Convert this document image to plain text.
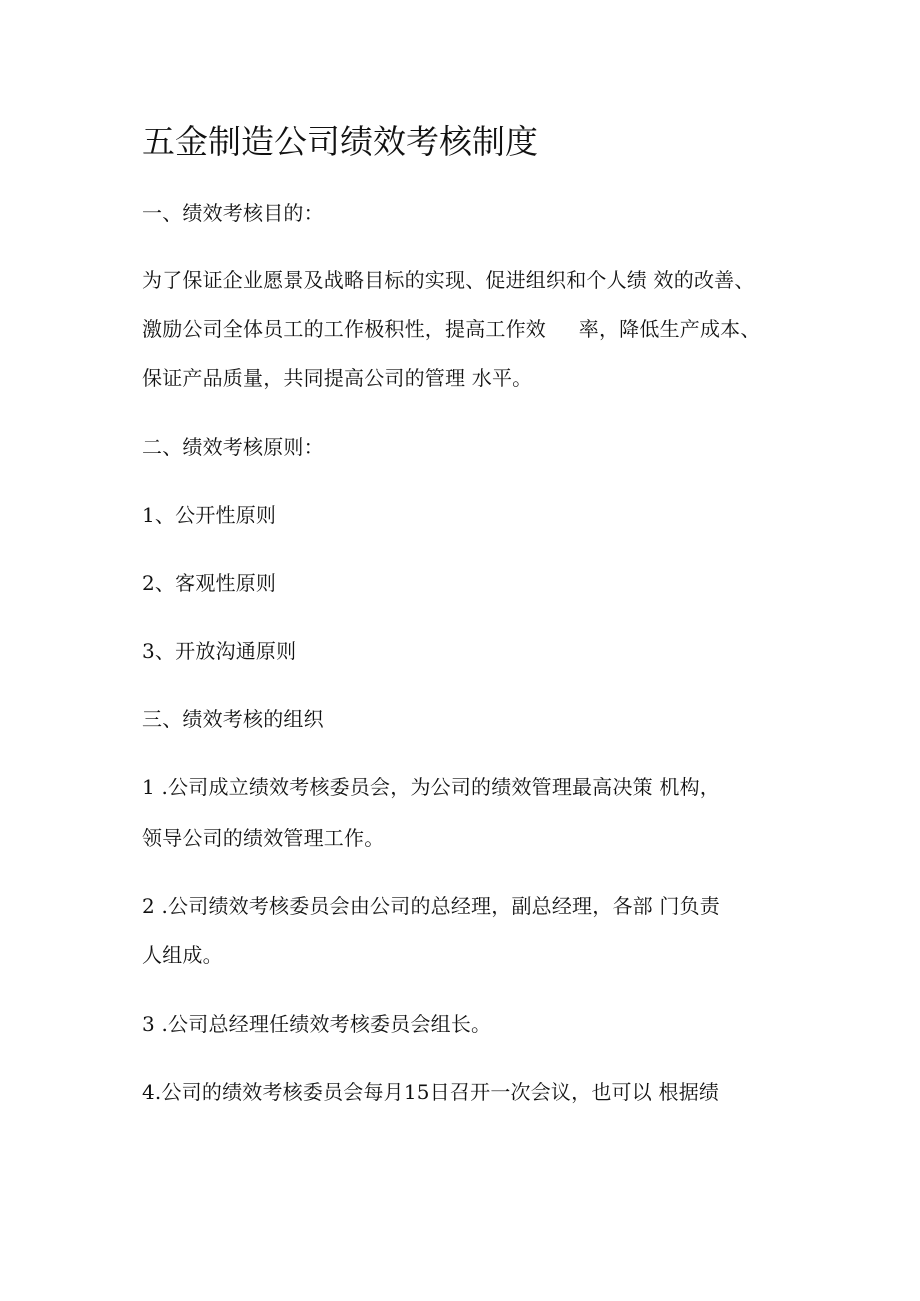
五金制造公司绩效考核制度
一、绩效考核目的：
为了保证企业愿景及战略目标的实现、促进组织和个人绩 效的改善、
激励公司全体员工的工作极积性，提高工作效     率，降低生产成本、
保证产品质量，共同提高公司的管理 水平。
二、绩效考核原则：
1、公开性原则
2、客观性原则
3、开放沟通原则
三、绩效考核的组织
1 .公司成立绩效考核委员会，为公司的绩效管理最高决策 机构，
领导公司的绩效管理工作。
2 .公司绩效考核委员会由公司的总经理，副总经理，各部 门负责
人组成。
3 .公司总经理任绩效考核委员会组长。
4.公司的绩效考核委员会每月15日召开一次会议，也可以 根据绩
